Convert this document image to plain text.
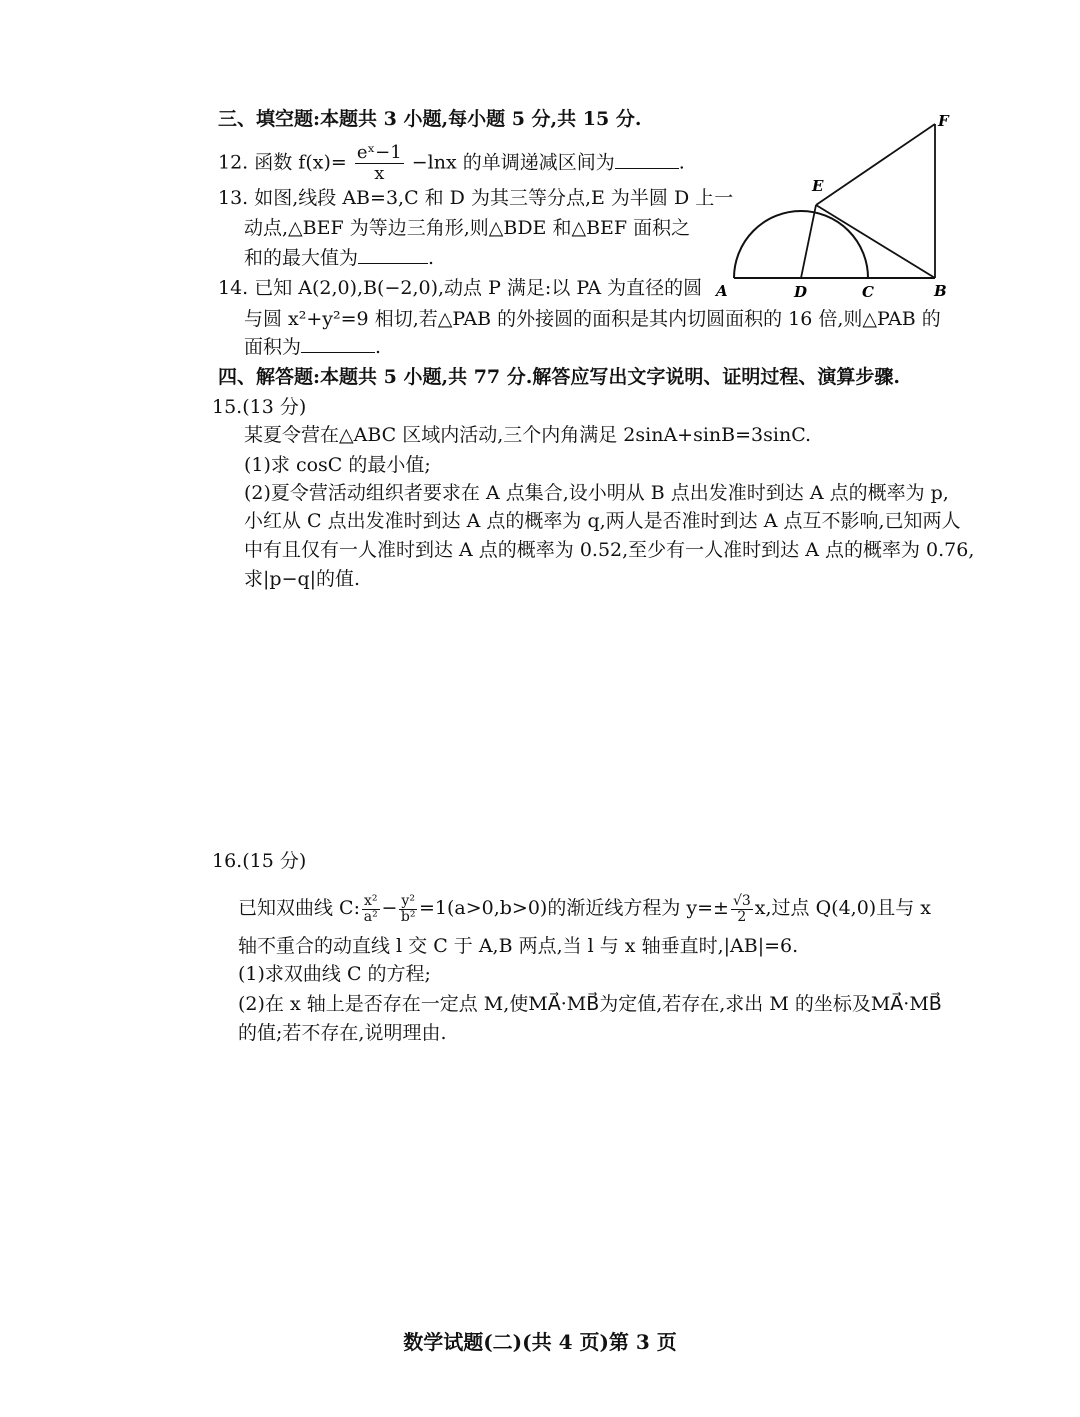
三、填空题:本题共 3 小题,每小题 5 分,共 15 分.
12. 函数 $f(x)= \frac{\text{eˣ−1}}{x} -\ln x$ 的单调递减区间为	.
13. 如图,线段 AB=3,C 和 D 为其三等分点,E 为半圆 D 上一
动点,△BEF 为等边三角形,则△BDE 和△BEF 面积之
和的最大值为	.
A	D	C	B
E
F
14. 已知 A(2,0),B(−2,0),动点 P 满足:以 PA 为直径的圆
与圆 x²+y²=9 相切,若△PAB 的外接圆的面积是其内切圆面积的 16 倍,则△PAB 的
面积为	.
四、解答题:本题共 5 小题,共 77 分.解答应写出文字说明、证明过程、演算步骤.
15.(13 分)
某夏令营在△ABC 区域内活动,三个内角满足 2sinA+sinB=3sinC.
(1)求 cosC 的最小值;
(2)夏令营活动组织者要求在 A 点集合,设小明从 B 点出发准时到达 A 点的概率为 p,
小红从 C 点出发准时到达 A 点的概率为 q,两人是否准时到达 A 点互不影响,已知两人
中有且仅有一人准时到达 A 点的概率为 0.52,至少有一人准时到达 A 点的概率为 0.76,
求|p−q|的值.
16.(15 分)
已知双曲线 C: $\frac{\text{x²}}{\text{a²}} - \frac{\text{y²}}{\text{b²}} =1(a>0,b>0)$的渐近线方程为 $y=\pm \frac{√3}{2} x$,过点 Q(4,0)且与 x
轴不重合的动直线 l 交 C 于 A,B 两点,当 l 与 x 轴垂直时,|AB|=6.
(1)求双曲线 C 的方程;
(2)在 x 轴上是否存在一定点 M,使MA⃗·MB⃗为定值,若存在,求出 M 的坐标及MA⃗·MB⃗
的值;若不存在,说明理由.
数学试题(二)(共 4 页)第 3 页
